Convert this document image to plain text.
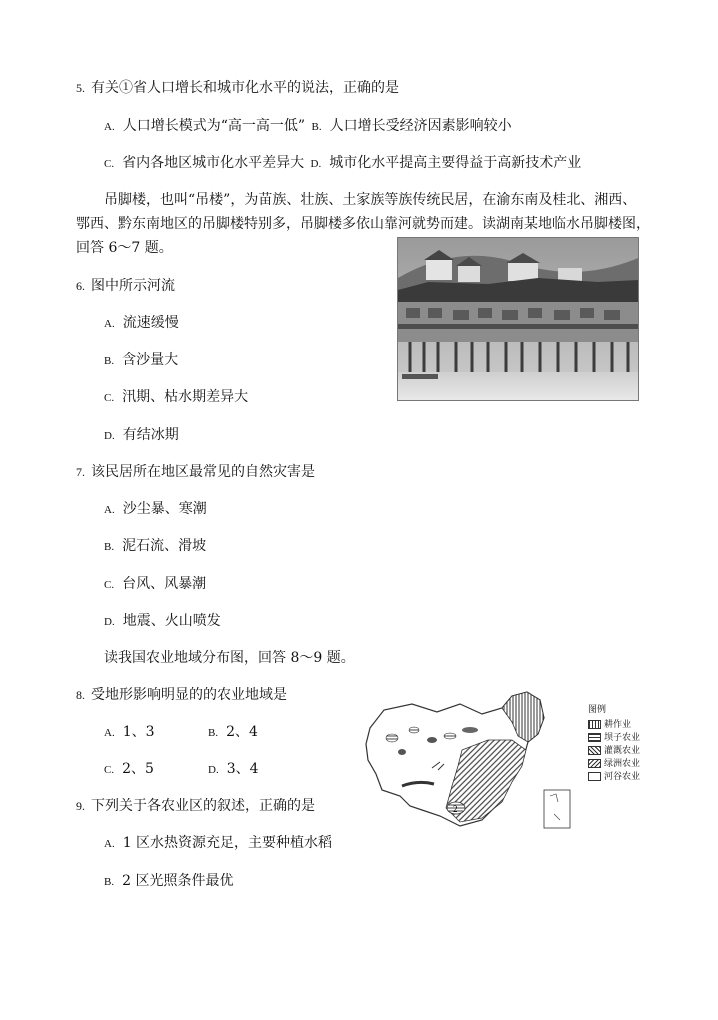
5. 有关①省人口增长和城市化水平的说法，正确的是
A. 人口增长模式为“高一高一低” B. 人口增长受经济因素影响较小
C. 省内各地区城市化水平差异大 D. 城市化水平提高主要得益于高新技术产业
吊脚楼，也叫“吊楼”，为苗族、壮族、土家族等族传统民居，在渝东南及桂北、湘西、
鄂西、黔东南地区的吊脚楼特别多，吊脚楼多依山靠河就势而建。读湖南某地临水吊脚楼图，
回答 6～7 题。
6. 图中所示河流
A. 流速缓慢
B. 含沙量大
C. 汛期、枯水期差异大
D. 有结冰期
7. 该民居所在地区最常见的自然灾害是
A. 沙尘暴、寒潮
B. 泥石流、滑坡
C. 台风、风暴潮
D. 地震、火山喷发
读我国农业地域分布图，回答 8～9 题。
8. 受地形影响明显的的农业地域是
A. 1、3	B. 2、4
C. 2、5	D. 3、4
9. 下列关于各农业区的叙述，正确的是
A. 1 区水热资源充足，主要种植水稻
B. 2 区光照条件最优
2
图例
耕作业
坝子农业
灌溉农业
绿洲农业
河谷农业
